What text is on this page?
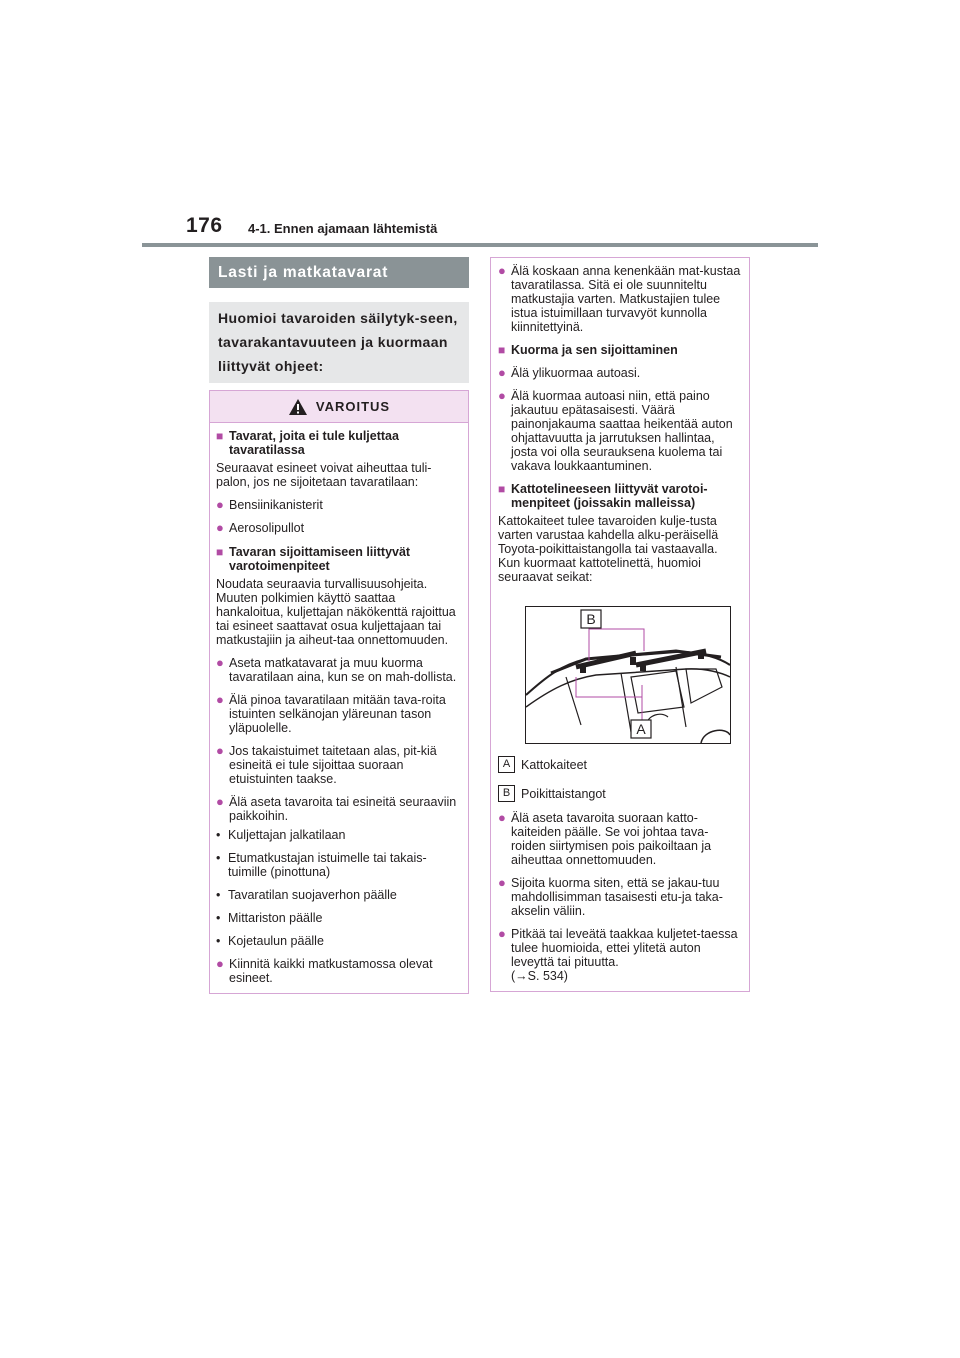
176 4-1. Ennen ajamaan lähtemistä
Lasti ja matkatavarat
Huomioi tavaroiden säilytyk-seen, tavarakantavuuteen ja kuormaan liittyvät ohjeet:
VAROITUS
■ Tavarat, joita ei tule kuljettaa tavaratilassa
Seuraavat esineet voivat aiheuttaa tuli-palon, jos ne sijoitetaan tavaratilaan:
● Bensiinikanisterit
● Aerosolipullot
■ Tavaran sijoittamiseen liittyvät varotoimenpiteet
Noudata seuraavia turvallisuusohjeita. Muuten polkimien käyttö saattaa hankaloitua, kuljettajan näkökenttä rajoittua tai esineet saattavat osua kuljettajaan tai matkustajiin ja aiheut-taa onnettomuuden.
● Aseta matkatavarat ja muu kuorma tavaratilaan aina, kun se on mah-dollista.
● Älä pinoa tavaratilaan mitään tava-roita istuinten selkänojan yläreunan tason yläpuolelle.
● Jos takaistuimet taitetaan alas, pit-kiä esineitä ei tule sijoittaa suoraan etuistuinten taakse.
● Älä aseta tavaroita tai esineitä seuraaviin paikkoihin.
• Kuljettajan jalkatilaan
• Etumatkustajan istuimelle tai takais-tuimille (pinottuna)
• Tavaratilan suojaverhon päälle
• Mittariston päälle
• Kojetaulun päälle
● Kiinnitä kaikki matkustamossa olevat esineet.
● Älä koskaan anna kenenkään mat-kustaa tavaratilassa. Sitä ei ole suunniteltu matkustajia varten. Matkustajien tulee istua istuimillaan turvavyöt kunnolla kiinnitettyinä.
■ Kuorma ja sen sijoittaminen
● Älä ylikuormaa autoasi.
● Älä kuormaa autoasi niin, että paino jakautuu epätasaisesti. Väärä painonjakauma saattaa heikentää auton ohjattavuutta ja jarrutuksen hallintaa, josta voi olla seurauksena kuolema tai vakava loukkaantuminen.
■ Kattotelineeseen liittyvät varotoi-menpiteet (joissakin malleissa)
Kattokaiteet tulee tavaroiden kulje-tusta varten varustaa kahdella alku-peräisellä Toyota-poikittaistangolla tai vastaavalla. Kun kuormaat kattotelinettä, huomioi seuraavat seikat:
B
A
A Kattokaiteet
B Poikittaistangot
● Älä aseta tavaroita suoraan katto-kaiteiden päälle. Se voi johtaa tava-roiden siirtymisen pois paikoiltaan ja aiheuttaa onnettomuuden.
● Sijoita kuorma siten, että se jakau-tuu mahdollisimman tasaisesti etu-ja taka-akselin väliin.
● Pitkää tai leveätä taakkaa kuljetet-taessa tulee huomioida, ettei ylitetä auton leveyttä tai pituutta.
(→S. 534)
